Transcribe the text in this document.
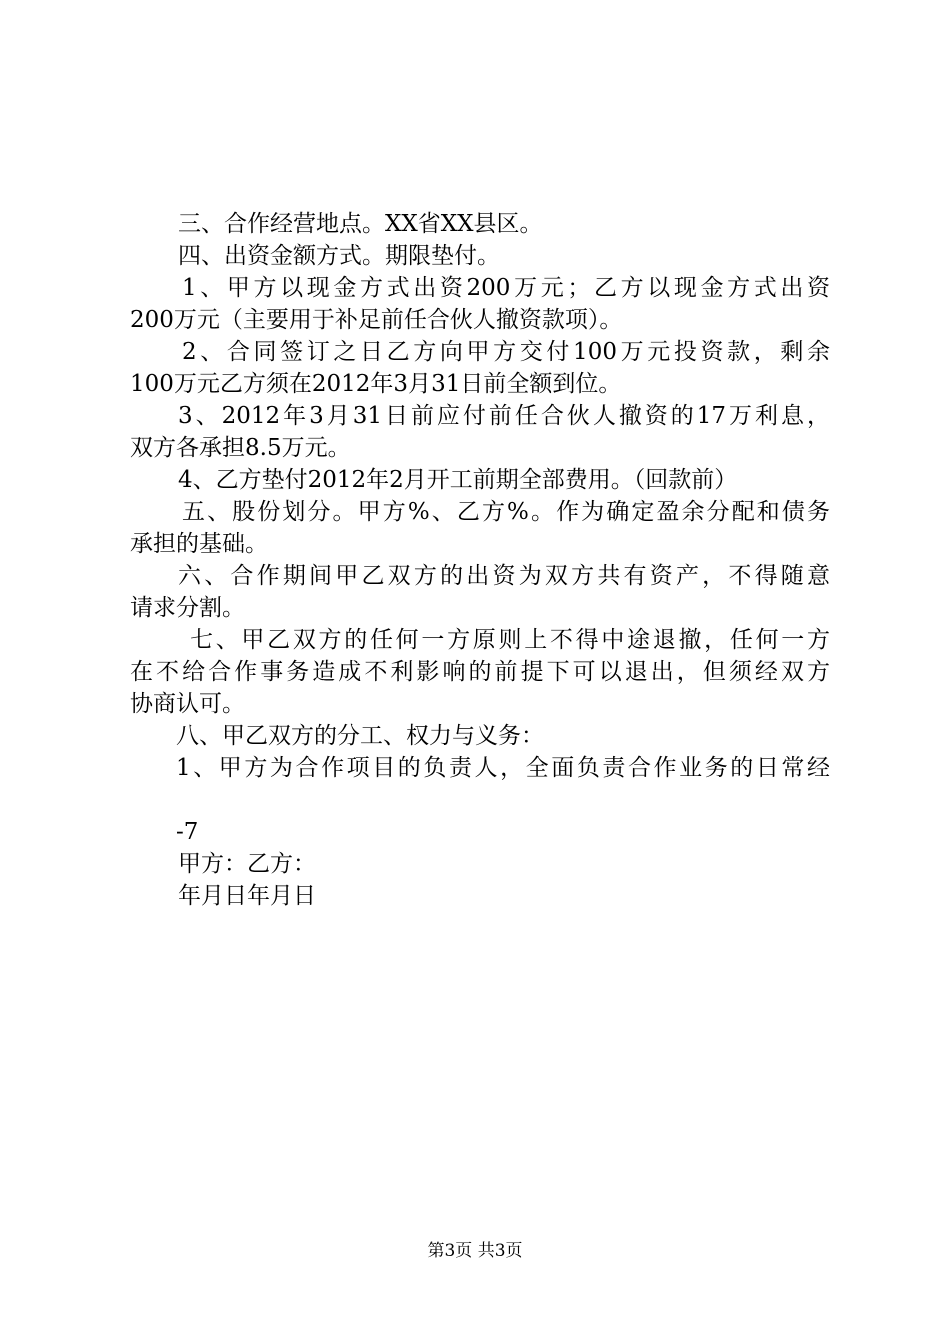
三、合作经营地点。XX省XX县区。
四、出资金额方式。期限垫付。
1、甲方以现金方式出资200万元；乙方以现金方式出资
200万元（主要用于补足前任合伙人撤资款项）。
2、合同签订之日乙方向甲方交付100万元投资款，剩余
100万元乙方须在2012年3月31日前全额到位。
3、2012年3月31日前应付前任合伙人撤资的17万利息，
双方各承担8.5万元。
4、乙方垫付2012年2月开工前期全部费用。（回款前）
五、股份划分。甲方%、乙方%。作为确定盈余分配和债务
承担的基础。
六、合作期间甲乙双方的出资为双方共有资产，不得随意
请求分割。
七、甲乙双方的任何一方原则上不得中途退撤，任何一方
在不给合作事务造成不利影响的前提下可以退出，但须经双方
协商认可。
八、甲乙双方的分工、权力与义务：
1、甲方为合作项目的负责人，全面负责合作业务的日常经
-7
甲方：乙方：
年月日年月日
第3页 共3页
